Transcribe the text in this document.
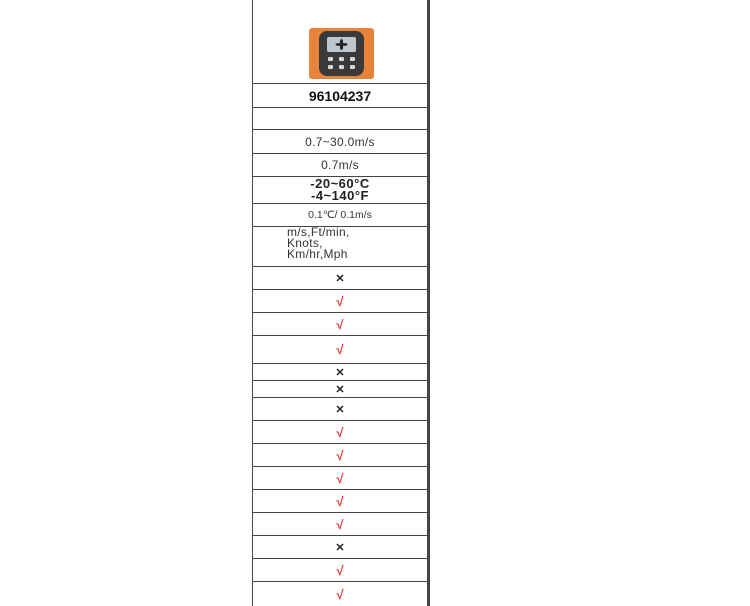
96104237
0.7~30.0m/s
0.7m/s
-20~60°C
-4~140°F
0.1℃/ 0.1m/s
m/s,Ft/min,
Knots,
Km/hr,Mph
✕
√
√
√
✕
✕
✕
√
√
√
√
√
✕
√
√
